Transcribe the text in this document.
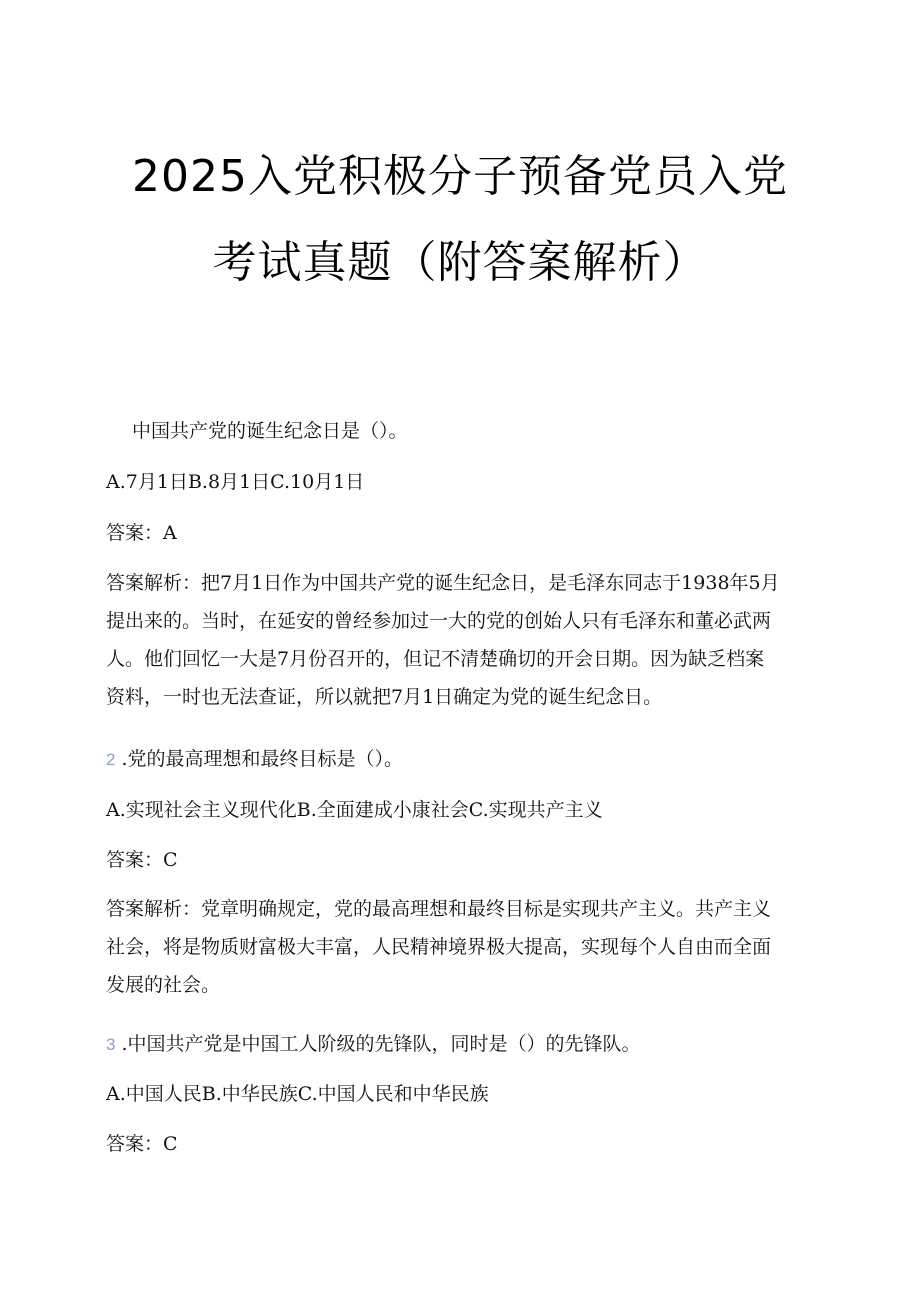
2025入党积极分子预备党员入党
考试真题（附答案解析）

中国共产党的诞生纪念日是（）。

A.7月1日B.8月1日C.10月1日

答案：A

答案解析：把7月1日作为中国共产党的诞生纪念日，是毛泽东同志于1938年5月
提出来的。当时，在延安的曾经参加过一大的党的创始人只有毛泽东和董必武两
人。他们回忆一大是7月份召开的，但记不清楚确切的开会日期。因为缺乏档案
资料，一时也无法查证，所以就把7月1日确定为党的诞生纪念日。

2 .党的最高理想和最终目标是（）。

A.实现社会主义现代化B.全面建成小康社会C.实现共产主义

答案：C

答案解析：党章明确规定，党的最高理想和最终目标是实现共产主义。共产主义
社会，将是物质财富极大丰富，人民精神境界极大提高，实现每个人自由而全面
发展的社会。

3 .中国共产党是中国工人阶级的先锋队，同时是（）的先锋队。

A.中国人民B.中华民族C.中国人民和中华民族

答案：C
